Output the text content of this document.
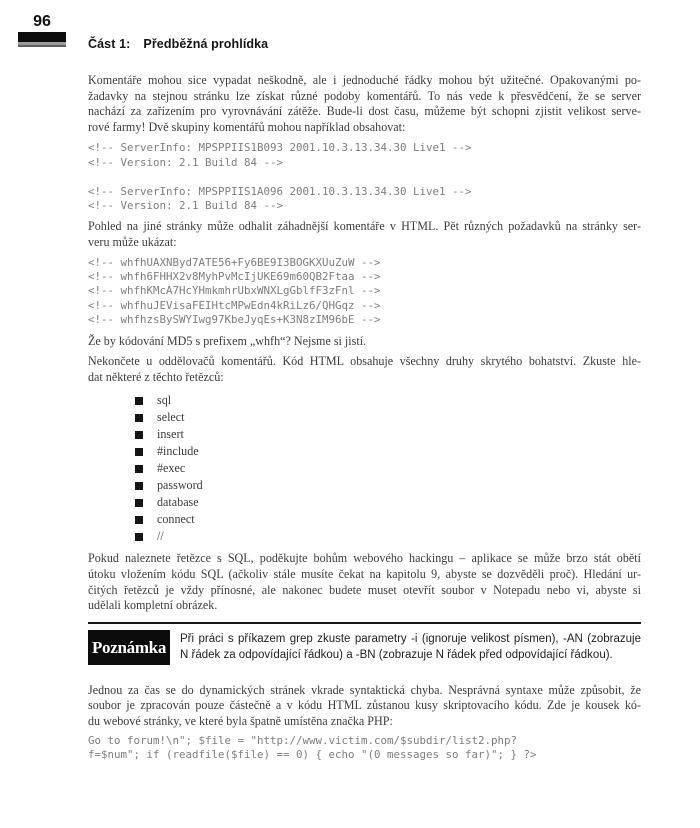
96
Část 1: Předběžná prohlídka
Komentáře mohou sice vypadat neškodně, ale i jednoduché řádky mohou být užitečné. Opakovanými po-
žadavky na stejnou stránku lze získat různé podoby komentářů. To nás vede k přesvědčení, že se server
nachází za zařízením pro vyrovnávání zátěže. Bude-li dost času, můžeme být schopni zjistit velikost serve-
rové farmy! Dvě skupiny komentářů mohou například obsahovat:
<!-- ServerInfo: MPSPPIIS1B093 2001.10.3.13.34.30 Live1 -->
<!-- Version: 2.1 Build 84 -->
<!-- ServerInfo: MPSPPIIS1A096 2001.10.3.13.34.30 Live1 -->
<!-- Version: 2.1 Build 84 -->
Pohled na jiné stránky může odhalit záhadnější komentáře v HTML. Pět různých požadavků na stránky ser-
veru může ukázat:
<!-- whfhUAXNByd7ATE56+Fy6BE9I3BOGKXUuZuW -->
<!-- whfh6FHHX2v8MyhPvMcIjUKE69m60QB2Ftaa -->
<!-- whfhKMcA7HcYHmkmhrUbxWNXLgGblfF3zFnl -->
<!-- whfhuJEVisaFEIHtcMPwEdn4kRiLz6/QHGqz -->
<!-- whfhzsBySWYIwg97KbeJyqEs+K3N8zIM96bE -->
Že by kódování MD5 s prefixem „whfh“? Nejsme si jistí.
Nekončete u oddělovačů komentářů. Kód HTML obsahuje všechny druhy skrytého bohatství. Zkuste hle-
dat některé z těchto řetězců:
sql
select
insert
#include
#exec
password
database
connect
//
Pokud naleznete řetězce s SQL, poděkujte bohům webového hackingu – aplikace se může brzo stát obětí
útoku vložením kódu SQL (ačkoliv stále musíte čekat na kapitolu 9, abyste se dozvěděli proč). Hledání ur-
čitých řetězců je vždy přínosné, ale nakonec budete muset otevřít soubor v Notepadu nebo vi, abyste si
udělali kompletní obrázek.
Poznámka	Při práci s příkazem grep zkuste parametry -i (ignoruje velikost písmen), -AN (zobrazuje
N řádek za odpovídající řádkou) a -BN (zobrazuje N řádek před odpovídající řádkou).
Jednou za čas se do dynamických stránek vkrade syntaktická chyba. Nesprávná syntaxe může způsobit, že
soubor je zpracován pouze částečně a v kódu HTML zůstanou kusy skriptovacího kódu. Zde je kousek kó-
du webové stránky, ve které byla špatně umístěna značka PHP:
Go to forum!\n"; $file = "http://www.victim.com/$subdir/list2.php?
f=$num"; if (readfile($file) == 0) { echo "(0 messages so far)"; } ?>
